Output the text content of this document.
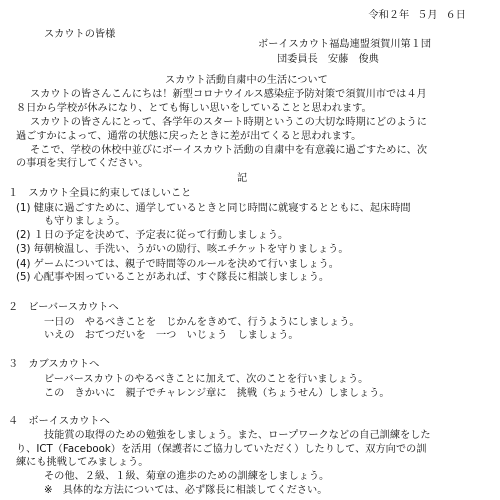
令和２年 ５月 ６日
スカウトの皆様
ボーイスカウト福島連盟須賀川第１団
団委員長　安藤　俊典
スカウト活動自粛中の生活について
スカウトの皆さんこんにちは！新型コロナウイルス感染症予防対策で須賀川市では４月
８日から学校が休みになり、とても悔しい思いをしていることと思われます。
スカウトの皆さんにとって、各学年のスタート時期というこの大切な時期にどのように
過ごすかによって、通常の状態に戻ったときに差が出てくると思われます。
そこで、学校の休校中並びにボーイスカウト活動の自粛中を有意義に過ごすために、次
の事項を実行してください。
記
１　スカウト全員に約束してほしいこと
(1) 健康に過ごすために、通学しているときと同じ時間に就寝するとともに、起床時間
も守りましょう。
(2) １日の予定を決めて、予定表に従って行動しましょう。
(3) 毎朝検温し、手洗い、うがいの励行、咳エチケットを守りましょう。
(4) ゲームについては、親子で時間等のルールを決めて行いましょう。
(5) 心配事や困っていることがあれば、すぐ隊長に相談しましょう。
２　ビーバースカウトへ
一日の　やるべきことを　じかんをきめて、行うようにしましょう。
いえの　おてつだいを　一つ　いじょう　しましょう。
３　カブスカウトへ
ビーバースカウトのやるべきことに加えて、次のことを行いましょう。
この　きかいに　親子でチャレンジ章に　挑戦（ちょうせん）しましょう。
４　ボーイスカウトへ
技能賞の取得のための勉強をしましょう。また、ロープワークなどの自己訓練をした
り、ICT（Facebook）を活用（保護者にご協力していただく）したりして、双方向での訓
練にも挑戦してみましょう。
その他、２級、１級、菊章の進歩のための訓練をしましょう。
※　具体的な方法については、必ず隊長に相談してください。
